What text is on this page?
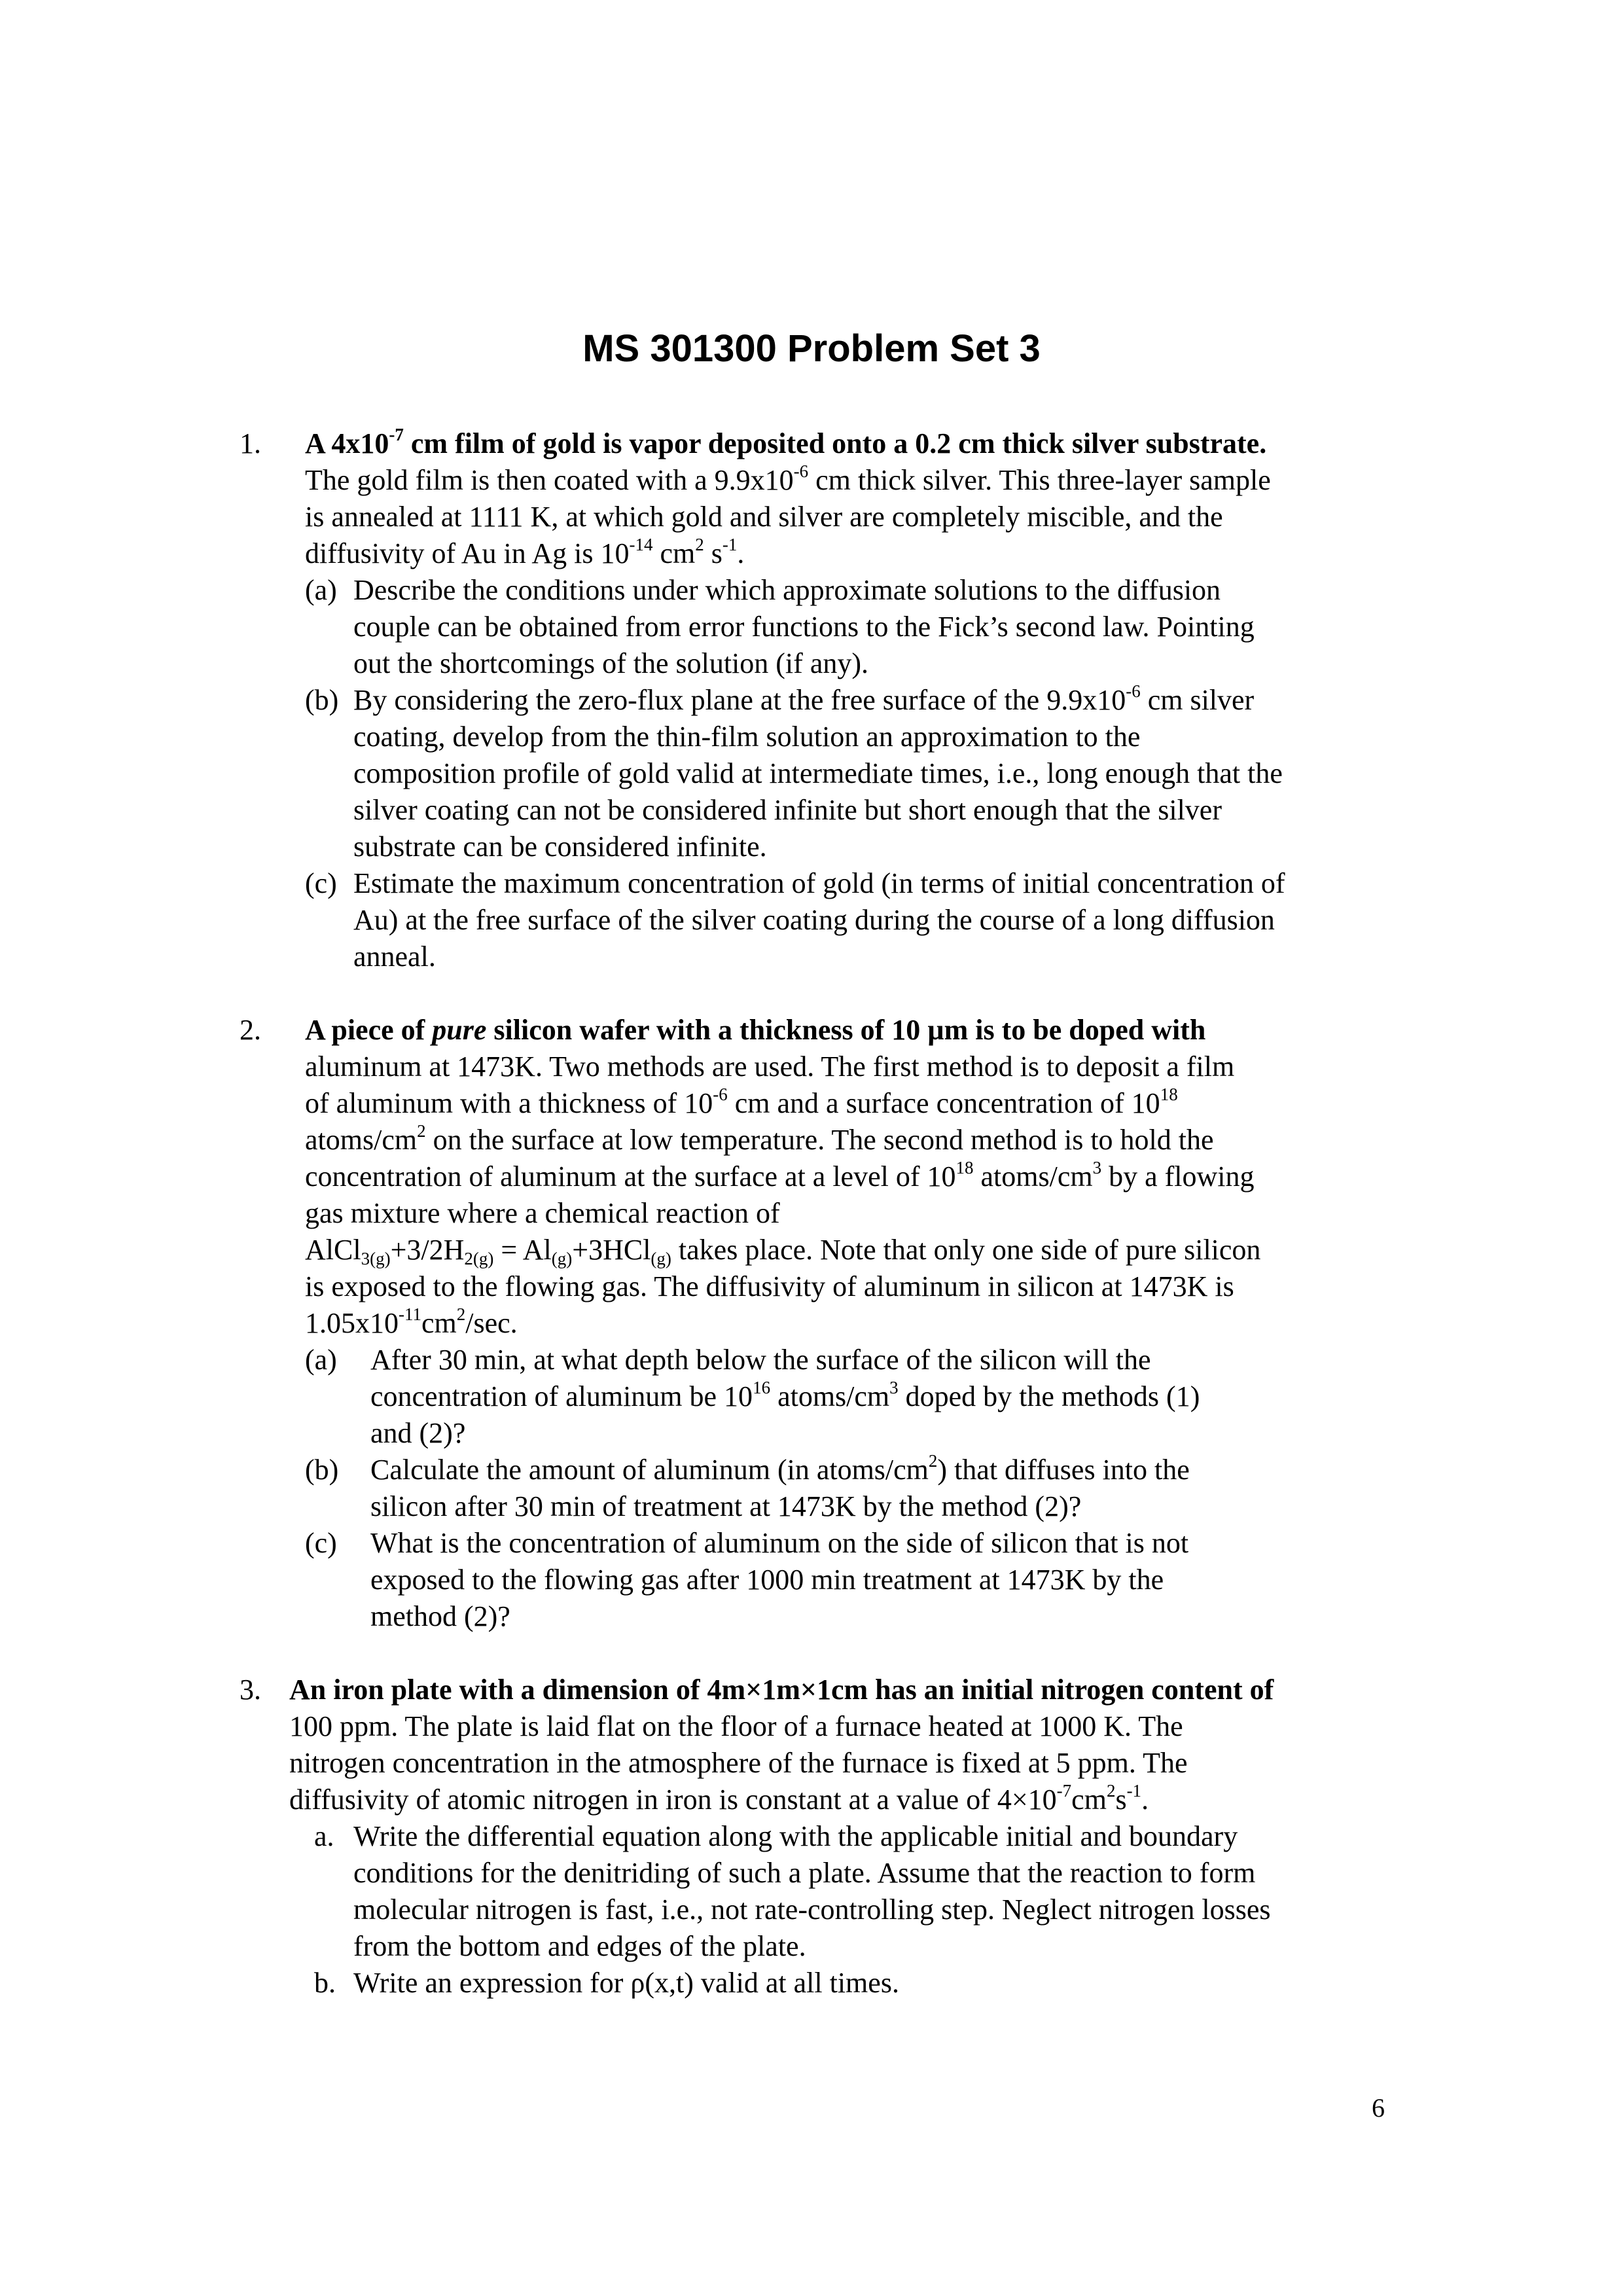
MS 301300 Problem Set 3
1. A $4x10^{-7}$ cm film of gold is vapor deposited onto a 0.2 cm thick silver substrate.
The gold film is then coated with a $9.9x10^{-6}$ cm thick silver. This three-layer sample
is annealed at 1111 K, at which gold and silver are completely miscible, and the
diffusivity of Au in Ag is $10^{-14}$ $cm^2$ $s^{-1}$.
(a) Describe the conditions under which approximate solutions to the diffusion
couple can be obtained from error functions to the Fick’s second law. Pointing
out the shortcomings of the solution (if any).
(b) By considering the zero-flux plane at the free surface of the $9.9x10^{-6}$ cm silver
coating, develop from the thin-film solution an approximation to the
composition profile of gold valid at intermediate times, i.e., long enough that the
silver coating can not be considered infinite but short enough that the silver
substrate can be considered infinite.
(c) Estimate the maximum concentration of gold (in terms of initial concentration of
Au) at the free surface of the silver coating during the course of a long diffusion
anneal.
2. A piece of pure silicon wafer with a thickness of 10 µm is to be doped with
aluminum at 1473K. Two methods are used. The first method is to deposit a film
of aluminum with a thickness of $10^{-6}$ cm and a surface concentration of $10^{18}$
atoms/$cm^2$ on the surface at low temperature. The second method is to hold the
concentration of aluminum at the surface at a level of $10^{18}$ atoms/$cm^3$ by a flowing
gas mixture where a chemical reaction of
$AlCl_{3(g)}+3/2H_{2(g)} = Al_{(g)}+3HCl_{(g)}$ takes place. Note that only one side of pure silicon
is exposed to the flowing gas. The diffusivity of aluminum in silicon at 1473K is
$1.05x10^{-11}cm^2/\sec$.
(a) After 30 min, at what depth below the surface of the silicon will the
concentration of aluminum be $10^{16}$ atoms/$cm^3$ doped by the methods (1)
and (2)?
(b) Calculate the amount of aluminum (in atoms/$cm^2$) that diffuses into the
silicon after 30 min of treatment at 1473K by the method (2)?
(c) What is the concentration of aluminum on the side of silicon that is not
exposed to the flowing gas after 1000 min treatment at 1473K by the
method (2)?
3. An iron plate with a dimension of 4m×1m×1cm has an initial nitrogen content of
100 ppm. The plate is laid flat on the floor of a furnace heated at 1000 K. The
nitrogen concentration in the atmosphere of the furnace is fixed at 5 ppm. The
diffusivity of atomic nitrogen in iron is constant at a value of $4\times 10^{-7}cm^2s^{-1}$.
a. Write the differential equation along with the applicable initial and boundary
conditions for the denitriding of such a plate. Assume that the reaction to form
molecular nitrogen is fast, i.e., not rate-controlling step. Neglect nitrogen losses
from the bottom and edges of the plate.
b. Write an expression for ρ(x,t) valid at all times.
6
